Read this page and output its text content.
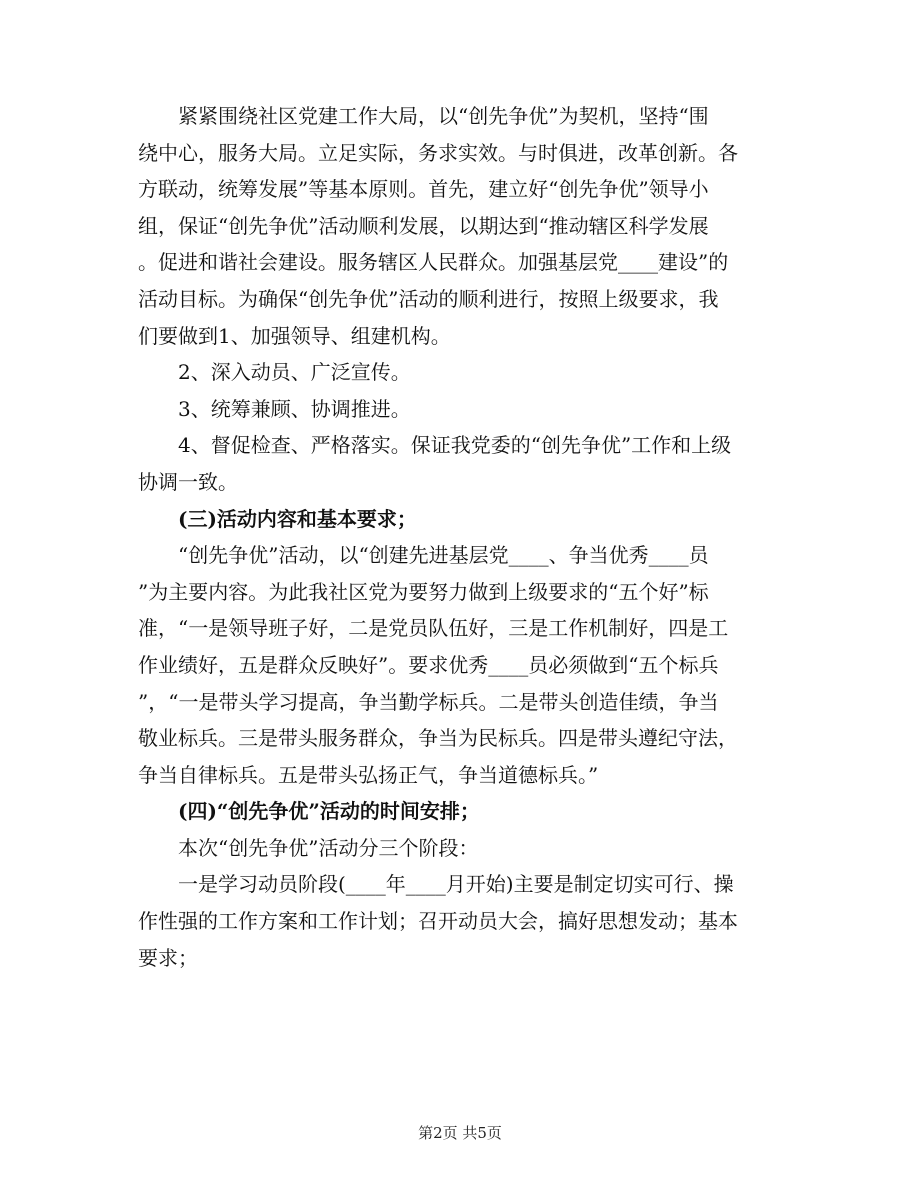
紧紧围绕社区党建工作大局，以“创先争优”为契机，坚持“围
绕中心，服务大局。立足实际，务求实效。与时俱进，改革创新。各
方联动，统筹发展”等基本原则。首先，建立好“创先争优”领导小
组，保证“创先争优”活动顺利发展，以期达到“推动辖区科学发展
。促进和谐社会建设。服务辖区人民群众。加强基层党____建设”的
活动目标。为确保“创先争优”活动的顺利进行，按照上级要求，我
们要做到1、加强领导、组建机构。
2、深入动员、广泛宣传。
3、统筹兼顾、协调推进。
4、督促检查、严格落实。保证我党委的“创先争优”工作和上级
协调一致。
(三)活动内容和基本要求；
“创先争优”活动，以“创建先进基层党____、争当优秀____员
”为主要内容。为此我社区党为要努力做到上级要求的“五个好”标
准，“一是领导班子好，二是党员队伍好，三是工作机制好，四是工
作业绩好，五是群众反映好”。要求优秀____员必须做到“五个标兵
”，“一是带头学习提高，争当勤学标兵。二是带头创造佳绩，争当
敬业标兵。三是带头服务群众，争当为民标兵。四是带头遵纪守法，
争当自律标兵。五是带头弘扬正气，争当道德标兵。”
(四)“创先争优”活动的时间安排；
本次“创先争优”活动分三个阶段：
一是学习动员阶段(____年____月开始)主要是制定切实可行、操
作性强的工作方案和工作计划；召开动员大会，搞好思想发动；基本
要求；
第2页 共5页
